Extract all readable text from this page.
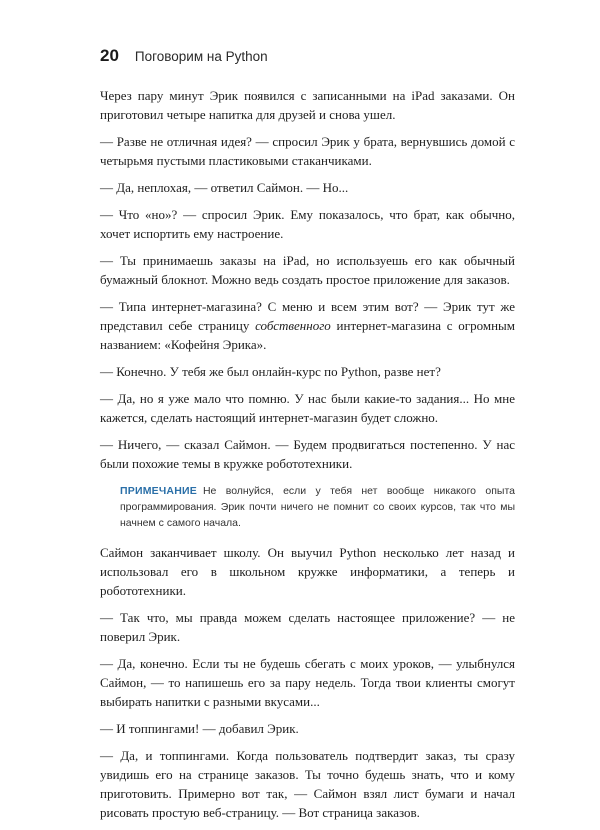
20 Поговорим на Python

Через пару минут Эрик появился с записанными на iPad заказами. Он приготовил четыре напитка для друзей и снова ушел.

— Разве не отличная идея? — спросил Эрик у брата, вернувшись домой с четырьмя пустыми пластиковыми стаканчиками.

— Да, неплохая, — ответил Саймон. — Но...

— Что «но»? — спросил Эрик. Ему показалось, что брат, как обычно, хочет испортить ему настроение.

— Ты принимаешь заказы на iPad, но используешь его как обычный бумажный блокнот. Можно ведь создать простое приложение для заказов.

— Типа интернет-магазина? С меню и всем этим вот? — Эрик тут же представил себе страницу собственного интернет-магазина с огромным названием: «Кофейня Эрика».

— Конечно. У тебя же был онлайн-курс по Python, разве нет?

— Да, но я уже мало что помню. У нас были какие-то задания... Но мне кажется, сделать настоящий интернет-магазин будет сложно.

— Ничего, — сказал Саймон. — Будем продвигаться постепенно. У нас были похожие темы в кружке робототехники.

ПРИМЕЧАНИЕ Не волнуйся, если у тебя нет вообще никакого опыта программирования. Эрик почти ничего не помнит со своих курсов, так что мы начнем с самого начала.

Саймон заканчивает школу. Он выучил Python несколько лет назад и использовал его в школьном кружке информатики, а теперь и робототехники.

— Так что, мы правда можем сделать настоящее приложение? — не поверил Эрик.

— Да, конечно. Если ты не будешь сбегать с моих уроков, — улыбнулся Саймон, — то напишешь его за пару недель. Тогда твои клиенты смогут выбирать напитки с разными вкусами...

— И топпингами! — добавил Эрик.

— Да, и топпингами. Когда пользователь подтвердит заказ, ты сразу увидишь его на странице заказов. Ты точно будешь знать, что и кому приготовить. Примерно вот так, — Саймон взял лист бумаги и начал рисовать простую веб-страницу. — Вот страница заказов.
